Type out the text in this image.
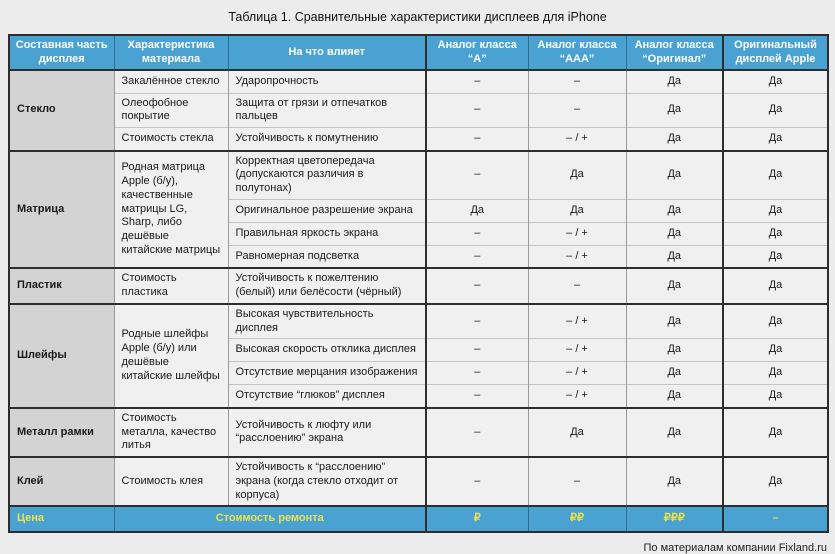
Таблица 1. Сравнительные характеристики дисплеев для iPhone
Составная часть дисплея	Характеристика материала	На что влияет	Аналог класса “А”	Аналог класса “ААА”	Аналог класса “Оригинал”	Оригинальный дисплей Apple
Стекло	Закалённое стекло	Ударопрочность	–	–	Да	Да
	Олеофобное покрытие	Защита от грязи и отпечатков пальцев	–	–	Да	Да
	Стоимость стекла	Устойчивость к помутнению	–	– / +	Да	Да
Матрица	Родная матрица Apple (б/у), качественные матрицы LG, Sharp, либо дешёвые китайские матрицы	Корректная цветопередача (допускаются различия в полутонах)	–	Да	Да	Да
		Оригинальное разрешение экрана	Да	Да	Да	Да
		Правильная яркость экрана	–	– / +	Да	Да
		Равномерная подсветка	–	– / +	Да	Да
Пластик	Стоимость пластика	Устойчивость к пожелтению (белый) или белёсости (чёрный)	–	–	Да	Да
Шлейфы	Родные шлейфы Apple (б/у) или дешёвые китайские шлейфы	Высокая чувствительность дисплея	–	– / +	Да	Да
		Высокая скорость отклика дисплея	–	– / +	Да	Да
		Отсутствие мерцания изображения	–	– / +	Да	Да
		Отсутствие “глюков” дисплея	–	– / +	Да	Да
Металл рамки	Стоимость металла, качество литья	Устойчивость к люфту или “расслоению” экрана	–	Да	Да	Да
Клей	Стоимость клея	Устойчивость к “расслоению” экрана (когда стекло отходит от корпуса)	–	–	Да	Да
Цена	Стоимость ремонта		₽	₽₽	₽₽₽	–
По материалам компании Fixland.ru
